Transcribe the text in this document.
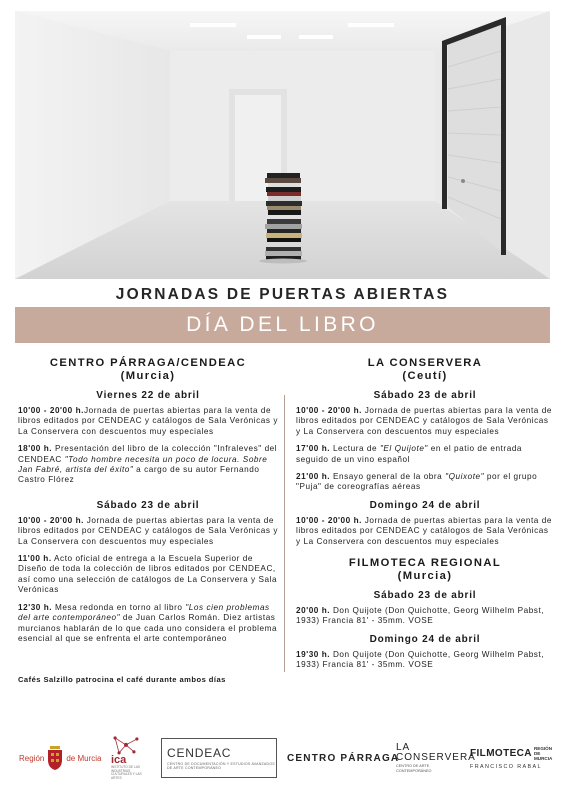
JORNADAS DE PUERTAS ABIERTAS
DÍA DEL LIBRO
CENTRO PÁRRAGA/CENDEAC
(Murcia)
Viernes 22 de abril
10'00 - 20'00 h.Jornada de puertas abiertas para la venta de libros editados por CENDEAC y catálogos de Sala Verónicas y La Conservera con descuentos muy especiales
18'00 h. Presentación del libro de la colección "Infraleves" del CENDEAC "Todo hombre necesita un poco de locura. Sobre Jan Fabré, artista del éxito" a cargo de su autor Fernando Castro Flórez
Sábado 23 de abril
10'00 - 20'00 h. Jornada de puertas abiertas para la venta de libros editados por CENDEAC y catálogos de Sala Verónicas y La Conservera con descuentos muy especiales
11'00 h. Acto oficial de entrega a la Escuela Superior de Diseño de toda la colección de libros editados por CENDEAC, así como una selección de catálogos de La Conservera y Sala Verónicas
12'30 h. Mesa redonda en torno al libro "Los cien problemas del arte contemporáneo" de Juan Carlos Román. Diez artistas murcianos hablarán de lo que cada uno considera el problema esencial al que se enfrenta el arte contemporáneo
LA CONSERVERA
(Ceutí)
Sábado 23 de abril
10'00 - 20'00 h. Jornada de puertas abiertas para la venta de libros editados por CENDEAC y catálogos de Sala Verónicas y La Conservera con descuentos muy especiales
17'00 h. Lectura de "El Quijote" en el patio de entrada seguido de un vino español
21'00 h. Ensayo general de la obra "Quixote" por el grupo "Puja" de coreografías aéreas
Domingo 24 de abril
10'00 - 20'00 h. Jornada de puertas abiertas para la venta de libros editados por CENDEAC y catálogos de Sala Verónicas y La Conservera con descuentos muy especiales
FILMOTECA REGIONAL
(Murcia)
Sábado 23 de abril
20'00 h. Don Quijote (Don Quichotte, Georg Wilhelm Pabst, 1933) Francia 81' - 35mm. VOSE
Domingo 24 de abril
19'30 h. Don Quijote (Don Quichotte, Georg Wilhelm Pabst, 1933) Francia 81' - 35mm. VOSE
Cafés Salzillo patrocina el café durante ambos días
Región	de Murcia ica
INSTITUTO DE LAS INDUSTRIAS CULTURALES Y LAS ARTES
CENDEAC
CENTRO DE DOCUMENTACIÓN Y ESTUDIOS AVANZADOS DE ARTE CONTEMPORÁNEO
CENTRO PÁRRAGA
LA
CONSERVERA
CENTRO DE ARTE CONTEMPORÁNEO
FILMOTECA REGIÓN DE MURCIA
FRANCISCO RABAL
